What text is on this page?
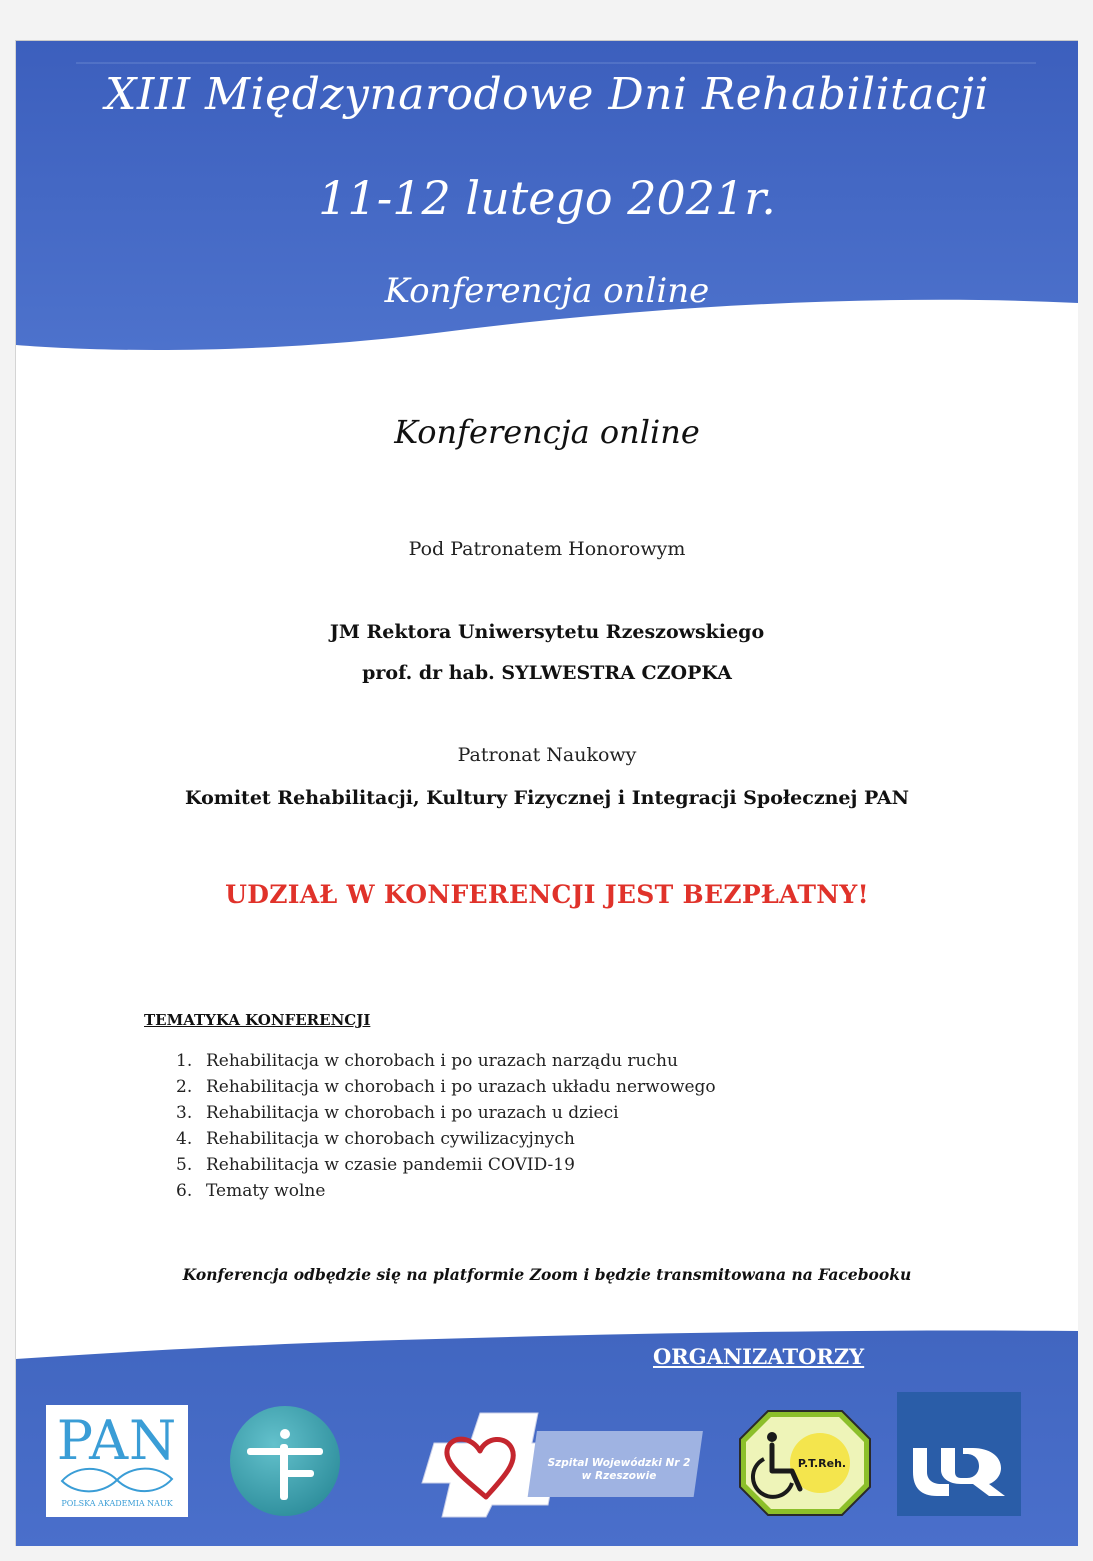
XIII Międzynarodowe Dni Rehabilitacji
11-12 lutego 2021r.
Konferencja online
Konferencja online
Pod Patronatem Honorowym
JM Rektora Uniwersytetu Rzeszowskiego
prof. dr hab. SYLWESTRA CZOPKA
Patronat Naukowy
Komitet Rehabilitacji, Kultury Fizycznej i Integracji Społecznej PAN
UDZIAŁ W KONFERENCJI JEST BEZPŁATNY!
TEMATYKA KONFERENCJI
1. Rehabilitacja w chorobach i po urazach narządu ruchu
2. Rehabilitacja w chorobach i po urazach układu nerwowego
3. Rehabilitacja w chorobach i po urazach u dzieci
4. Rehabilitacja w chorobach cywilizacyjnych
5. Rehabilitacja w czasie pandemii COVID-19
6. Tematy wolne
Konferencja odbędzie się na platformie Zoom i będzie transmitowana na Facebooku
ORGANIZATORZY
PAN
POLSKA AKADEMIA NAUK
Szpital Wojewódzki Nr 2
w Rzeszowie
P.T.Reh.
